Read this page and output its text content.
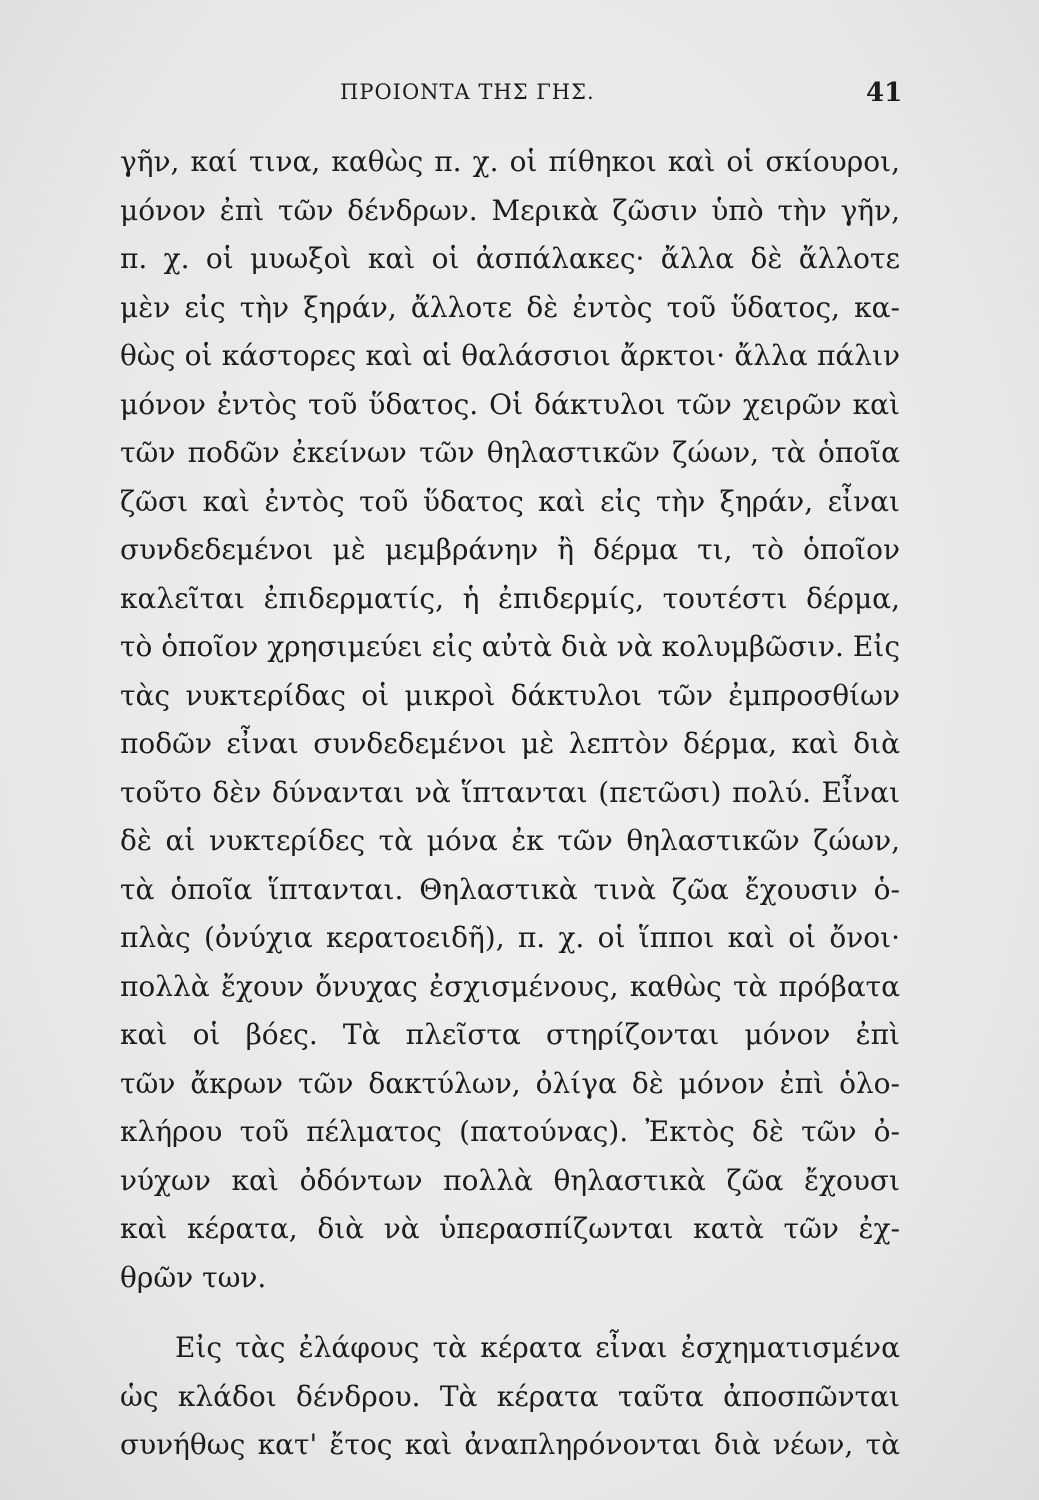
ΠΡΟΙΟΝΤΑ ΤΗΣ ΓΗΣ.	41
γῆν, καί τινα, καθὼς π. χ. οἱ πίθηκοι καὶ οἱ σκίουροι,
μόνον ἐπὶ τῶν δένδρων. Μερικὰ ζῶσιν ὑπὸ τὴν γῆν,
π. χ. οἱ μυωξοὶ καὶ οἱ ἀσπάλακες· ἄλλα δὲ ἄλλοτε
μὲν εἰς τὴν ξηράν, ἄλλοτε δὲ ἐντὸς τοῦ ὕδατος, κα-
θὼς οἱ κάστορες καὶ αἱ θαλάσσιοι ἄρκτοι· ἄλλα πάλιν
μόνον ἐντὸς τοῦ ὕδατος. Οἱ δάκτυλοι τῶν χειρῶν καὶ
τῶν ποδῶν ἐκείνων τῶν θηλαστικῶν ζώων, τὰ ὁποῖα
ζῶσι καὶ ἐντὸς τοῦ ὕδατος καὶ εἰς τὴν ξηράν, εἶναι
συνδεδεμένοι μὲ μεμβράνην ἢ δέρμα τι, τὸ ὁποῖον
καλεῖται ἐπιδερματίς, ἡ ἐπιδερμίς, τουτέστι δέρμα,
τὸ ὁποῖον χρησιμεύει εἰς αὐτὰ διὰ νὰ κολυμβῶσιν. Εἰς
τὰς νυκτερίδας οἱ μικροὶ δάκτυλοι τῶν ἐμπροσθίων
ποδῶν εἶναι συνδεδεμένοι μὲ λεπτὸν δέρμα, καὶ διὰ
τοῦτο δὲν δύνανται νὰ ἵπτανται (πετῶσι) πολύ. Εἶναι
δὲ αἱ νυκτερίδες τὰ μόνα ἐκ τῶν θηλαστικῶν ζώων,
τὰ ὁποῖα ἵπτανται. Θηλαστικὰ τινὰ ζῶα ἔχουσιν ὁ-
πλὰς (ὀνύχια κερατοειδῆ), π. χ. οἱ ἵπποι καὶ οἱ ὄνοι·
πολλὰ ἔχουν ὄνυχας ἐσχισμένους, καθὼς τὰ πρόβατα
καὶ οἱ βόες. Τὰ πλεῖστα στηρίζονται μόνον ἐπὶ
τῶν ἄκρων τῶν δακτύλων, ὀλίγα δὲ μόνον ἐπὶ ὁλο-
κλήρου τοῦ πέλματος (πατούνας). Ἐκτὸς δὲ τῶν ὀ-
νύχων καὶ ὀδόντων πολλὰ θηλαστικὰ ζῶα ἔχουσι
καὶ κέρατα, διὰ νὰ ὑπερασπίζωνται κατὰ τῶν ἐχ-
θρῶν των.
Εἰς τὰς ἐλάφους τὰ κέρατα εἶναι ἐσχηματισμένα
ὡς κλάδοι δένδρου. Τὰ κέρατα ταῦτα ἀποσπῶνται
συνήθως κατ' ἔτος καὶ ἀναπληρόνονται διὰ νέων, τὰ
